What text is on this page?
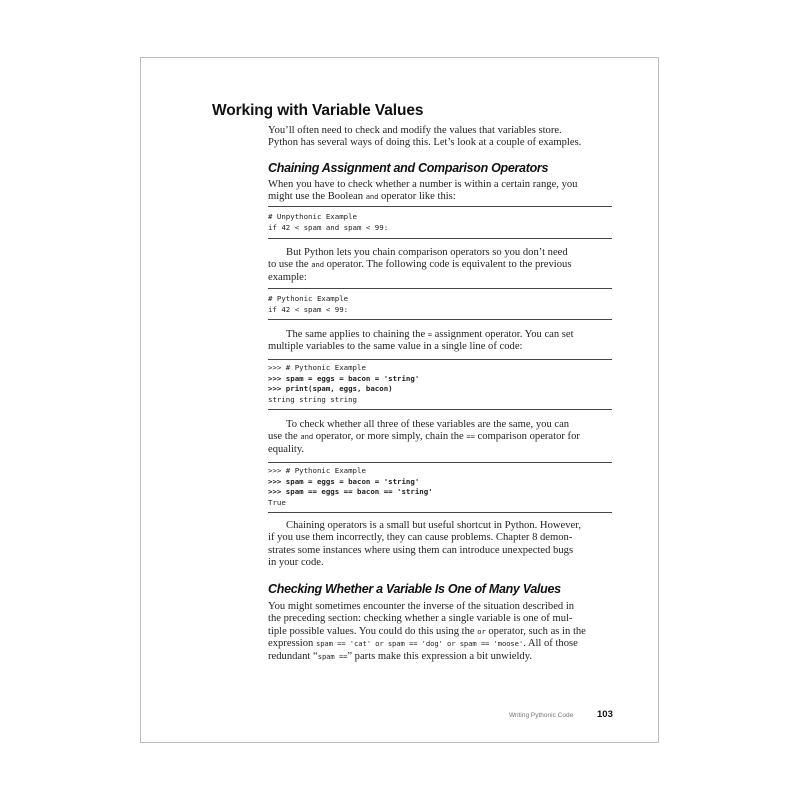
Working with Variable Values
You’ll often need to check and modify the values that variables store.
Python has several ways of doing this. Let’s look at a couple of examples.
Chaining Assignment and Comparison Operators
When you have to check whether a number is within a certain range, you
might use the Boolean and operator like this:
# Unpythonic Example
if 42 < spam and spam < 99:
But Python lets you chain comparison operators so you don’t need
to use the and operator. The following code is equivalent to the previous
example:
# Pythonic Example
if 42 < spam < 99:
The same applies to chaining the = assignment operator. You can set
multiple variables to the same value in a single line of code:
>>> # Pythonic Example
>>> spam = eggs = bacon = 'string'
>>> print(spam, eggs, bacon)
string string string
To check whether all three of these variables are the same, you can
use the and operator, or more simply, chain the == comparison operator for
equality.
>>> # Pythonic Example
>>> spam = eggs = bacon = 'string'
>>> spam == eggs == bacon == 'string'
True
Chaining operators is a small but useful shortcut in Python. However,
if you use them incorrectly, they can cause problems. Chapter 8 demon-
strates some instances where using them can introduce unexpected bugs
in your code.
Checking Whether a Variable Is One of Many Values
You might sometimes encounter the inverse of the situation described in
the preceding section: checking whether a single variable is one of mul-
tiple possible values. You could do this using the or operator, such as in the
expression spam == 'cat' or spam == 'dog' or spam == 'moose'. All of those
redundant “spam ==” parts make this expression a bit unwieldy.
Writing Pythonic Code	103
